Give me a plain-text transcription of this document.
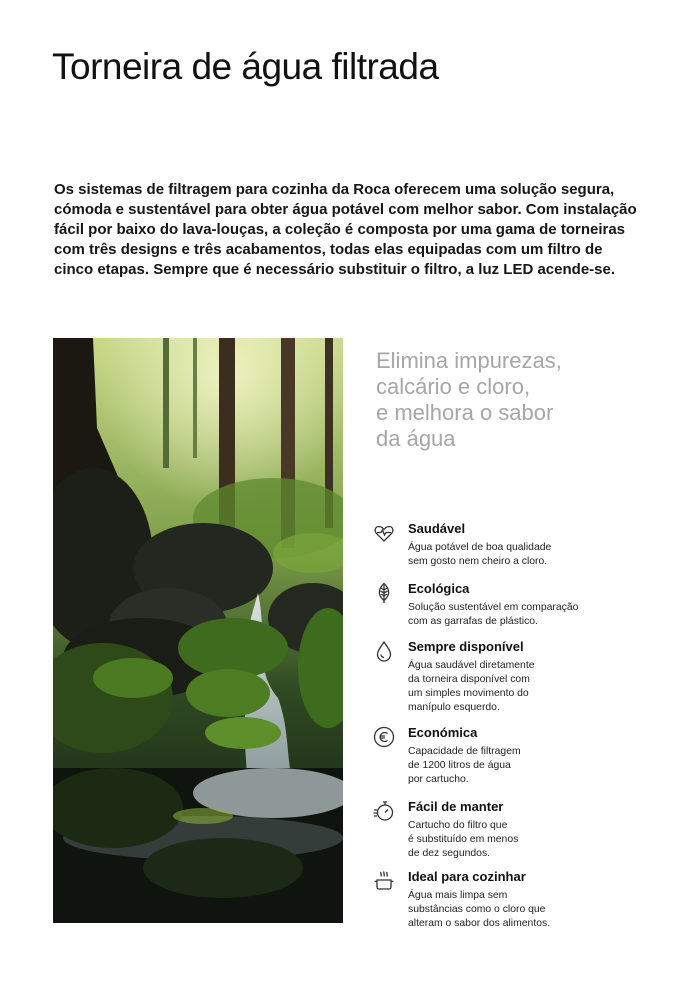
Torneira de água filtrada

Os sistemas de filtragem para cozinha da Roca oferecem uma solução segura,
cómoda e sustentável para obter água potável com melhor sabor. Com instalação
fácil por baixo do lava-louças, a coleção é composta por uma gama de torneiras
com três designs e três acabamentos, todas elas equipadas com um filtro de
cinco etapas. Sempre que é necessário substituir o filtro, a luz LED acende-se.

Elimina impurezas,
calcário e cloro,
e melhora o sabor
da água

Saudável

Água potável de boa qualidade
sem gosto nem cheiro a cloro.

Ecológica

Solução sustentável em comparação
com as garrafas de plástico.

Sempre disponível

Água saudável diretamente
da torneira disponível com
um simples movimento do
manípulo esquerdo.

Económica

Capacidade de filtragem
de 1200 litros de água
por cartucho.

Fácil de manter

Cartucho do filtro que
é substituído em menos
de dez segundos.

Ideal para cozinhar

Água mais limpa sem
substâncias como o cloro que
alteram o sabor dos alimentos.
